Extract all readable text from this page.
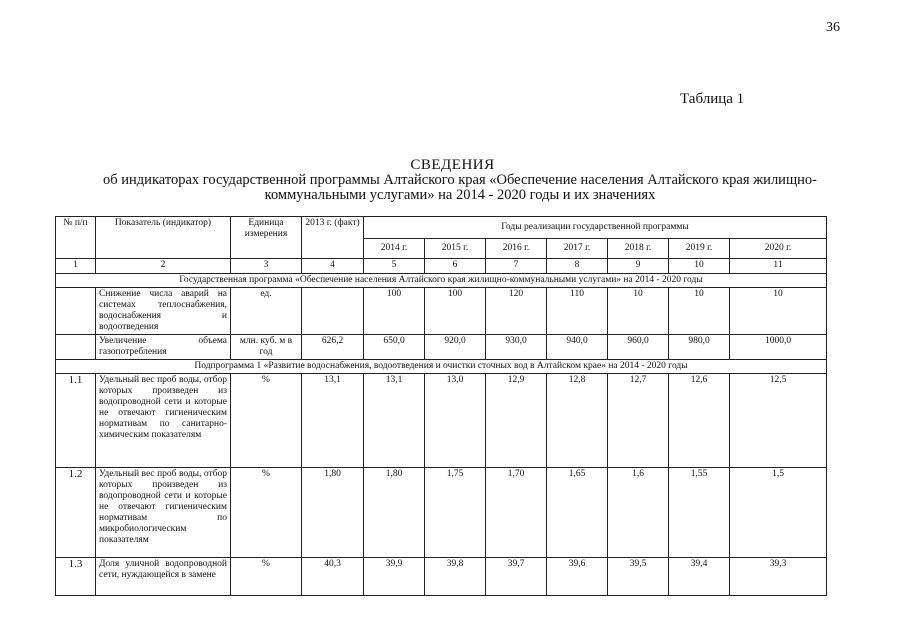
36
Таблица 1
СВЕДЕНИЯ
об индикаторах государственной программы Алтайского края «Обеспечение населения Алтайского края жилищно-
коммунальными услугами» на 2014 - 2020 годы и их значениях
№ п/п	Показатель (индикатор)	Единица измерения	2013 г. (факт)	Годы реализации государственной программы						
				2014 г.	2015 г.	2016 г.	2017 г.	2018 г.	2019 г.	2020 г.
1	2	3	4	5	6	7	8	9	10	11
Государственная программа «Обеспечение населения Алтайского края жилищно-коммунальными услугами» на 2014 - 2020 годы										
	Снижение числа аварий на системах теплоснабжения, водоснабжения и водоотведения	ед.		100	100	120	110	10	10	10
	Увеличение объема газопотребления	млн. куб. м в год	626,2	650,0	920,0	930,0	940,0	960,0	980,0	1000,0
Подпрограмма 1 «Развитие водоснабжения, водоотведения и очистки сточных вод в Алтайском крае» на 2014 - 2020 годы										
1.1	Удельный вес проб воды, отбор которых произведен из водопроводной сети и которые не отвечают гигиеническим нормативам по санитарно-химическим показателям	%	13,1	13,1	13,0	12,9	12,8	12,7	12,6	12,5
1.2	Удельный вес проб воды, отбор которых произведен из водопроводной сети и которые не отвечают гигиеническим нормативам по микробиологическим показателям	%	1,80	1,80	1,75	1,70	1,65	1,6	1,55	1,5
1.3	Доля уличной водопроводной сети, нуждающейся в замене	%	40,3	39,9	39,8	39,7	39,6	39,5	39,4	39,3
